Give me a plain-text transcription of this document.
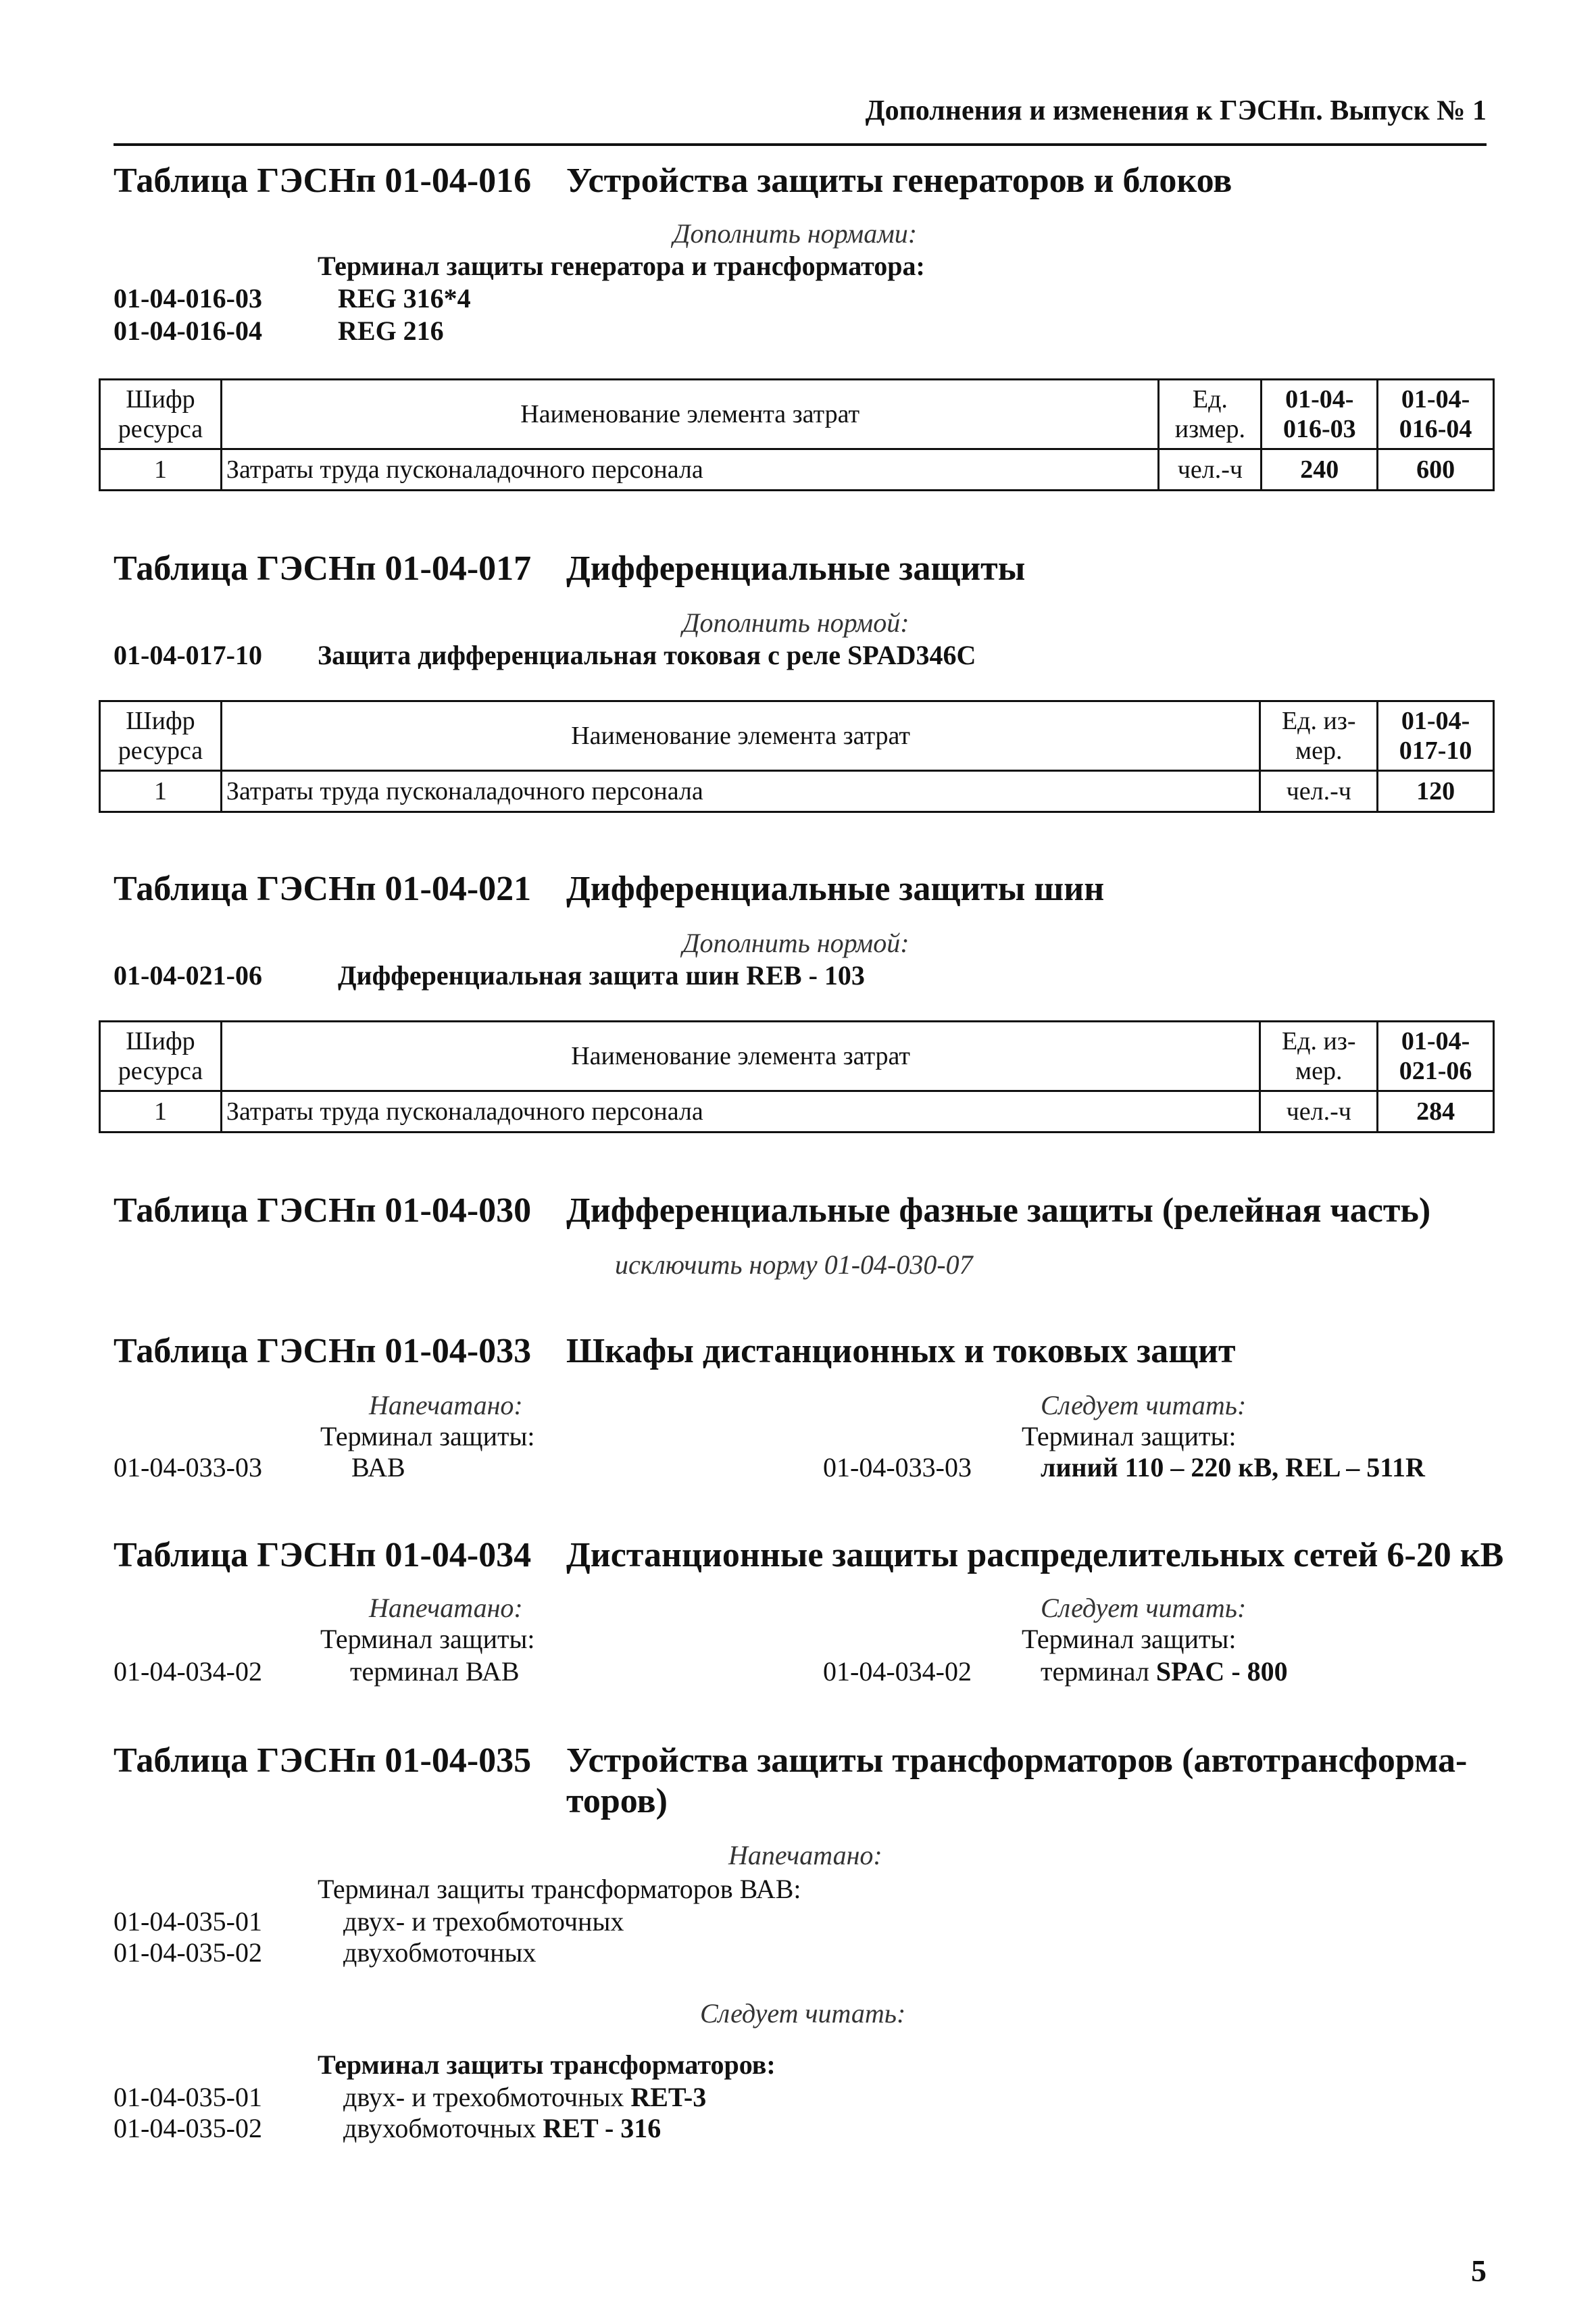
Дополнения и изменения к ГЭСНп. Выпуск № 1
Таблица ГЭСНп 01-04-016 Устройства защиты генераторов и блоков
Дополнить нормами:
Терминал защиты генератора и трансформатора:
01-04-016-03	REG 316*4
01-04-016-04	REG 216
Шифр ресурса	Наименование элемента затрат	Ед. измер.	01-04- 016-03	01-04- 016-04
1	Затраты труда пусконаладочного персонала	чел.-ч	240	600
Таблица ГЭСНп 01-04-017 Дифференциальные защиты
Дополнить нормой:
01-04-017-10 Защита дифференциальная токовая с реле SPAD346C
Шифр ресурса	Наименование элемента затрат	Ед. из- мер.	01-04- 017-10
1	Затраты труда пусконаладочного персонала	чел.-ч	120
Таблица ГЭСНп 01-04-021 Дифференциальные защиты шин
Дополнить нормой:
01-04-021-06	Дифференциальная защита шин REB - 103
Шифр ресурса	Наименование элемента затрат	Ед. из- мер.	01-04- 021-06
1	Затраты труда пусконаладочного персонала	чел.-ч	284
Таблица ГЭСНп 01-04-030 Дифференциальные фазные защиты (релейная часть)
исключить норму 01-04-030-07
Таблица ГЭСНп 01-04-033 Шкафы дистанционных и токовых защит
Напечатано:	Следует читать:
Терминал защиты:	Терминал защиты:
01-04-033-03	ВАВ	01-04-033-03	линий 110 – 220 кВ, REL – 511R
Таблица ГЭСНп 01-04-034 Дистанционные защиты распределительных сетей 6-20 кВ
Напечатано:	Следует читать:
Терминал защиты:	Терминал защиты:
01-04-034-02	терминал ВАВ	01-04-034-02	терминал SPAC - 800
Таблица ГЭСНп 01-04-035 Устройства защиты трансформаторов (автотрансформа-
торов)
Напечатано:
Терминал защиты трансформаторов ВАВ:
01-04-035-01	двух- и трехобмоточных
01-04-035-02	двухобмоточных
Следует читать:
Терминал защиты трансформаторов:
01-04-035-01	двух- и трехобмоточных RET-3
01-04-035-02	двухобмоточных RET - 316
5
